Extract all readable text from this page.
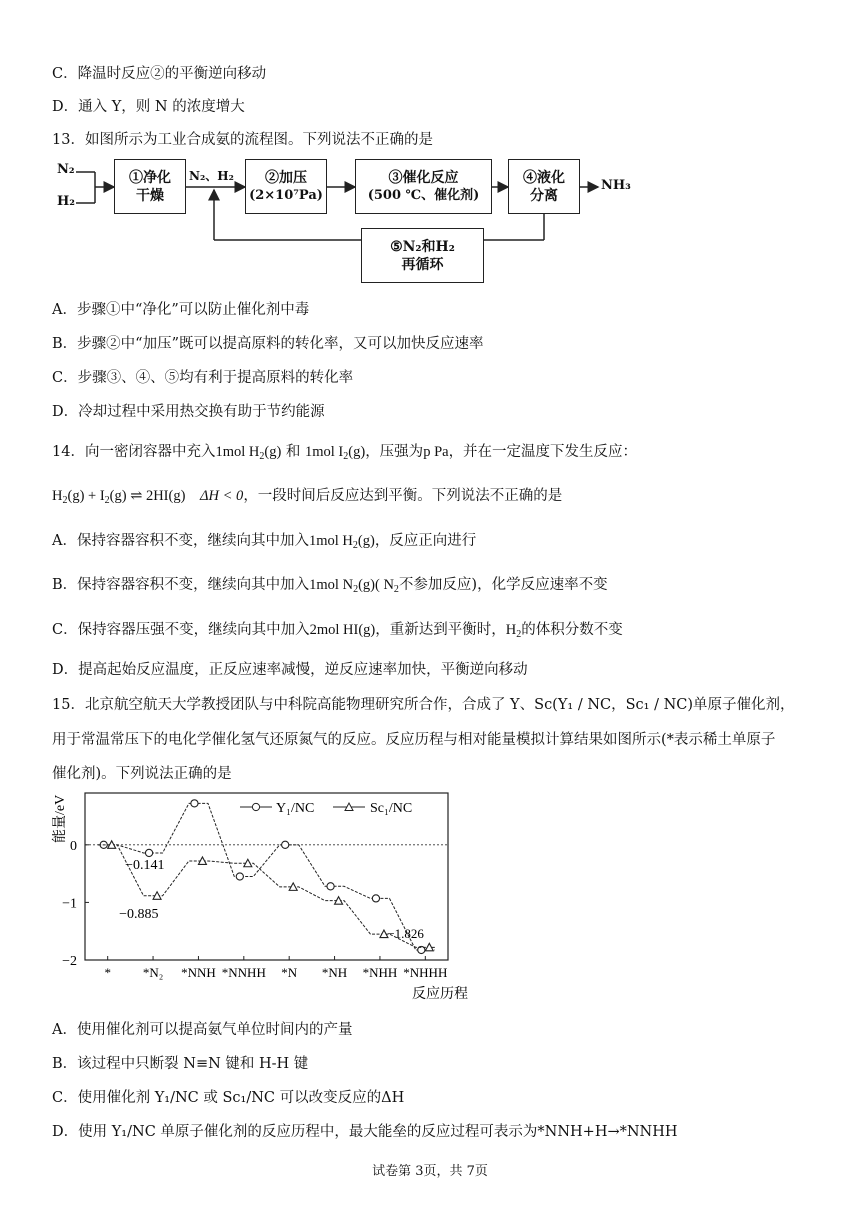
C．降温时反应②的平衡逆向移动
D．通入 Y，则 N 的浓度增大
13．如图所示为工业合成氨的流程图。下列说法不正确的是
N₂
H₂
①净化
干燥
N₂、H₂ ②加压
(2×10⁷Pa)
③催化反应
(500 ℃、催化剂)
④液化
分离
NH₃
⑤N₂和H₂
再循环
A．步骤①中“净化”可以防止催化剂中毒
B．步骤②中“加压”既可以提高原料的转化率，又可以加快反应速率
C．步骤③、④、⑤均有利于提高原料的转化率
D．冷却过程中采用热交换有助于节约能源
14．向一密闭容器中充入1mol $H_2(g)$ 和 1mol $I_2(g)$，压强为p Pa，并在一定温度下发生反应：
$H_2(g) + I_2(g)$ ⇌ 2HI(g) ΔH < 0，一段时间后反应达到平衡。下列说法不正确的是
A．保持容器容积不变，继续向其中加入1mol $H_2(g)$，反应正向进行
B．保持容器容积不变，继续向其中加入1mol $N_2(g)$( $N_2$不参加反应)，化学反应速率不变
C．保持容器压强不变，继续向其中加入2mol HI(g)，重新达到平衡时，$H_2$的体积分数不变
D．提高起始反应温度，正反应速率减慢，逆反应速率加快，平衡逆向移动
15．北京航空航天大学教授团队与中科院高能物理研究所合作，合成了 Y、Sc(Y₁ / NC，Sc₁ / NC)单原子催化剂，
用于常温常压下的电化学催化氢气还原氮气的反应。反应历程与相对能量模拟计算结果如图所示(*表示稀土单原子
催化剂)。下列说法正确的是
0
−1
−2
能量/eV
* *N₂ *NNH *NNHH *N *NH *NHH *NHHH
反应历程
−0.141
−0.885
−1.826
Y₁/NC	Sc₁/NC
A．使用催化剂可以提高氨气单位时间内的产量
B．该过程中只断裂 N≡N 键和 H-H 键
C．使用催化剂 Y₁/NC 或 Sc₁/NC 可以改变反应的ΔH
D．使用 Y₁/NC 单原子催化剂的反应历程中，最大能垒的反应过程可表示为*NNH+H→*NNHH
试卷第 3页，共 7页
